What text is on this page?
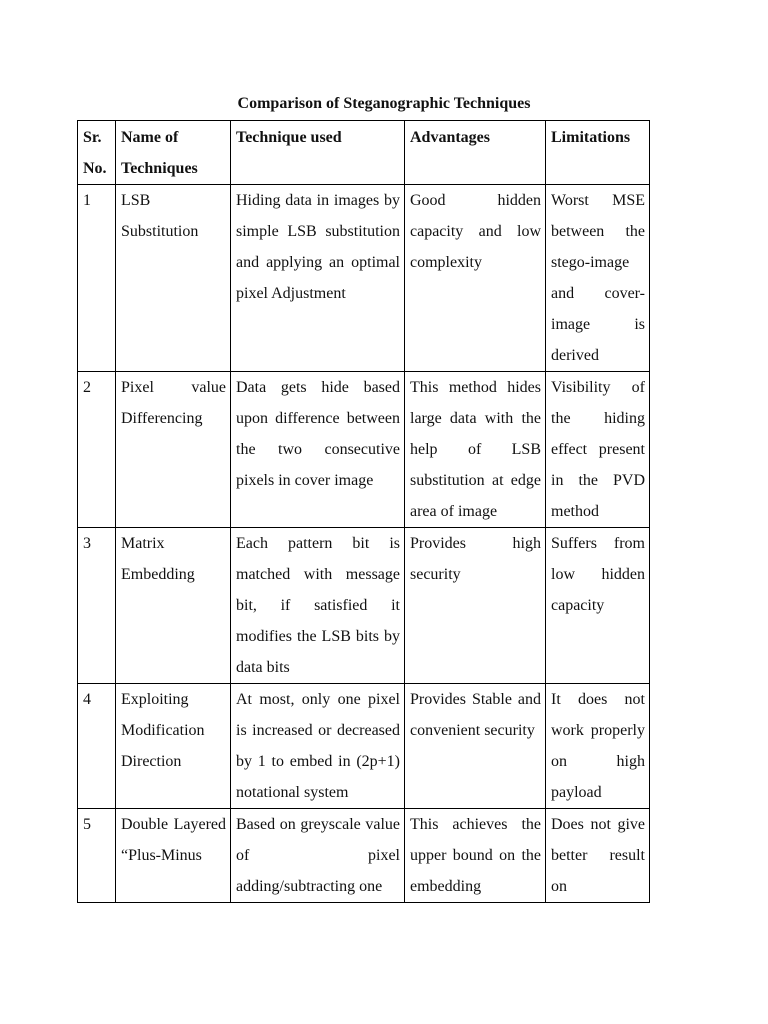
Comparison of Steganographic Techniques
Sr. No.	Name of Techniques	Technique used	Advantages	Limitations
1	LSB Substitution	Hiding data in images by simple LSB substitution and applying an optimal pixel Adjustment	Good hidden capacity and low complexity	Worst MSE between the stego-image and cover-image is derived
2	Pixel value Differencing	Data gets hide based upon difference between the two consecutive pixels in cover image	This method hides large data with the help of LSB substitution at edge area of image	Visibility of the hiding effect present in the PVD method
3	Matrix Embedding	Each pattern bit is matched with message bit, if satisfied it modifies the LSB bits by data bits	Provides high security	Suffers from low hidden capacity
4	Exploiting Modification Direction	At most, only one pixel is increased or decreased by 1 to embed in (2p+1) notational system	Provides Stable and convenient security	It does not work properly on high payload
5	Double Layered “Plus-Minus	Based on greyscale value of pixel adding/subtracting one	This achieves the upper bound on the embedding	Does not give better result on
